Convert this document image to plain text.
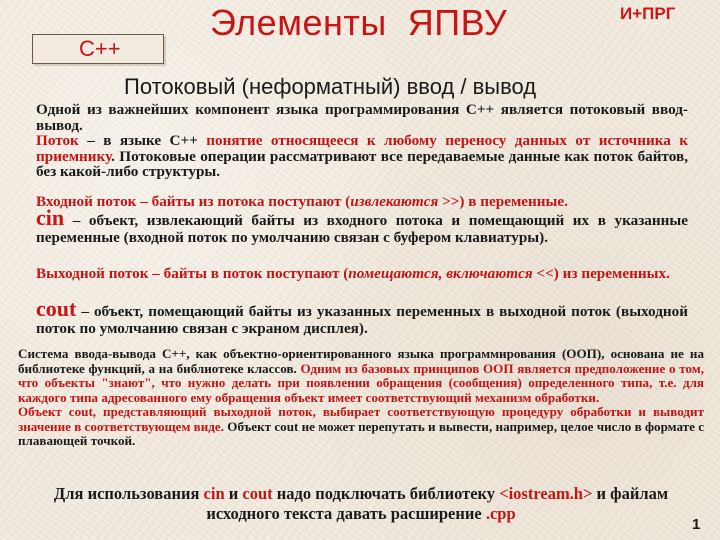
Элементы  ЯПВУ	И+ПРГ
С++
Потоковый (неформатный) ввод / вывод
Одной из важнейших компонент языка программирования С++ является потоковый ввод-вывод.
Поток – в языке С++ понятие относящееся к любому переносу данных от источника к приемнику. Потоковые операции рассматривают все передаваемые данные как поток байтов, без какой-либо структуры.
Входной поток – байты из потока поступают (извлекаются >>) в переменные.
cin – объект, извлекающий байты из входного потока и помещающий их в указанные переменные (входной поток по умолчанию связан с буфером клавиатуры).
Выходной поток – байты в поток поступают (помещаются, включаются <<) из переменных.
cout – объект, помещающий байты из указанных переменных в выходной поток (выходной поток по умолчанию связан с экраном дисплея).
Система ввода-вывода С++, как объектно-ориентированного языка программирования (ООП), основана не на библиотеке функций, а на библиотеке классов. Одним из базовых принципов ООП является предположение о том, что объекты "знают", что нужно делать при появлении обращения (сообщения) определенного типа, т.е. для каждого типа адресованного ему обращения объект имеет соответствующий механизм обработки.
Объект cout, представляющий выходной поток, выбирает соответствующую процедуру обработки и выводит значение в соответствующем виде. Объект cout не может перепутать и вывести, например, целое число в формате с плавающей точкой.
Для использования cin и cout надо подключать библиотеку <iostream.h> и файлам исходного текста давать расширение .cpp
1
